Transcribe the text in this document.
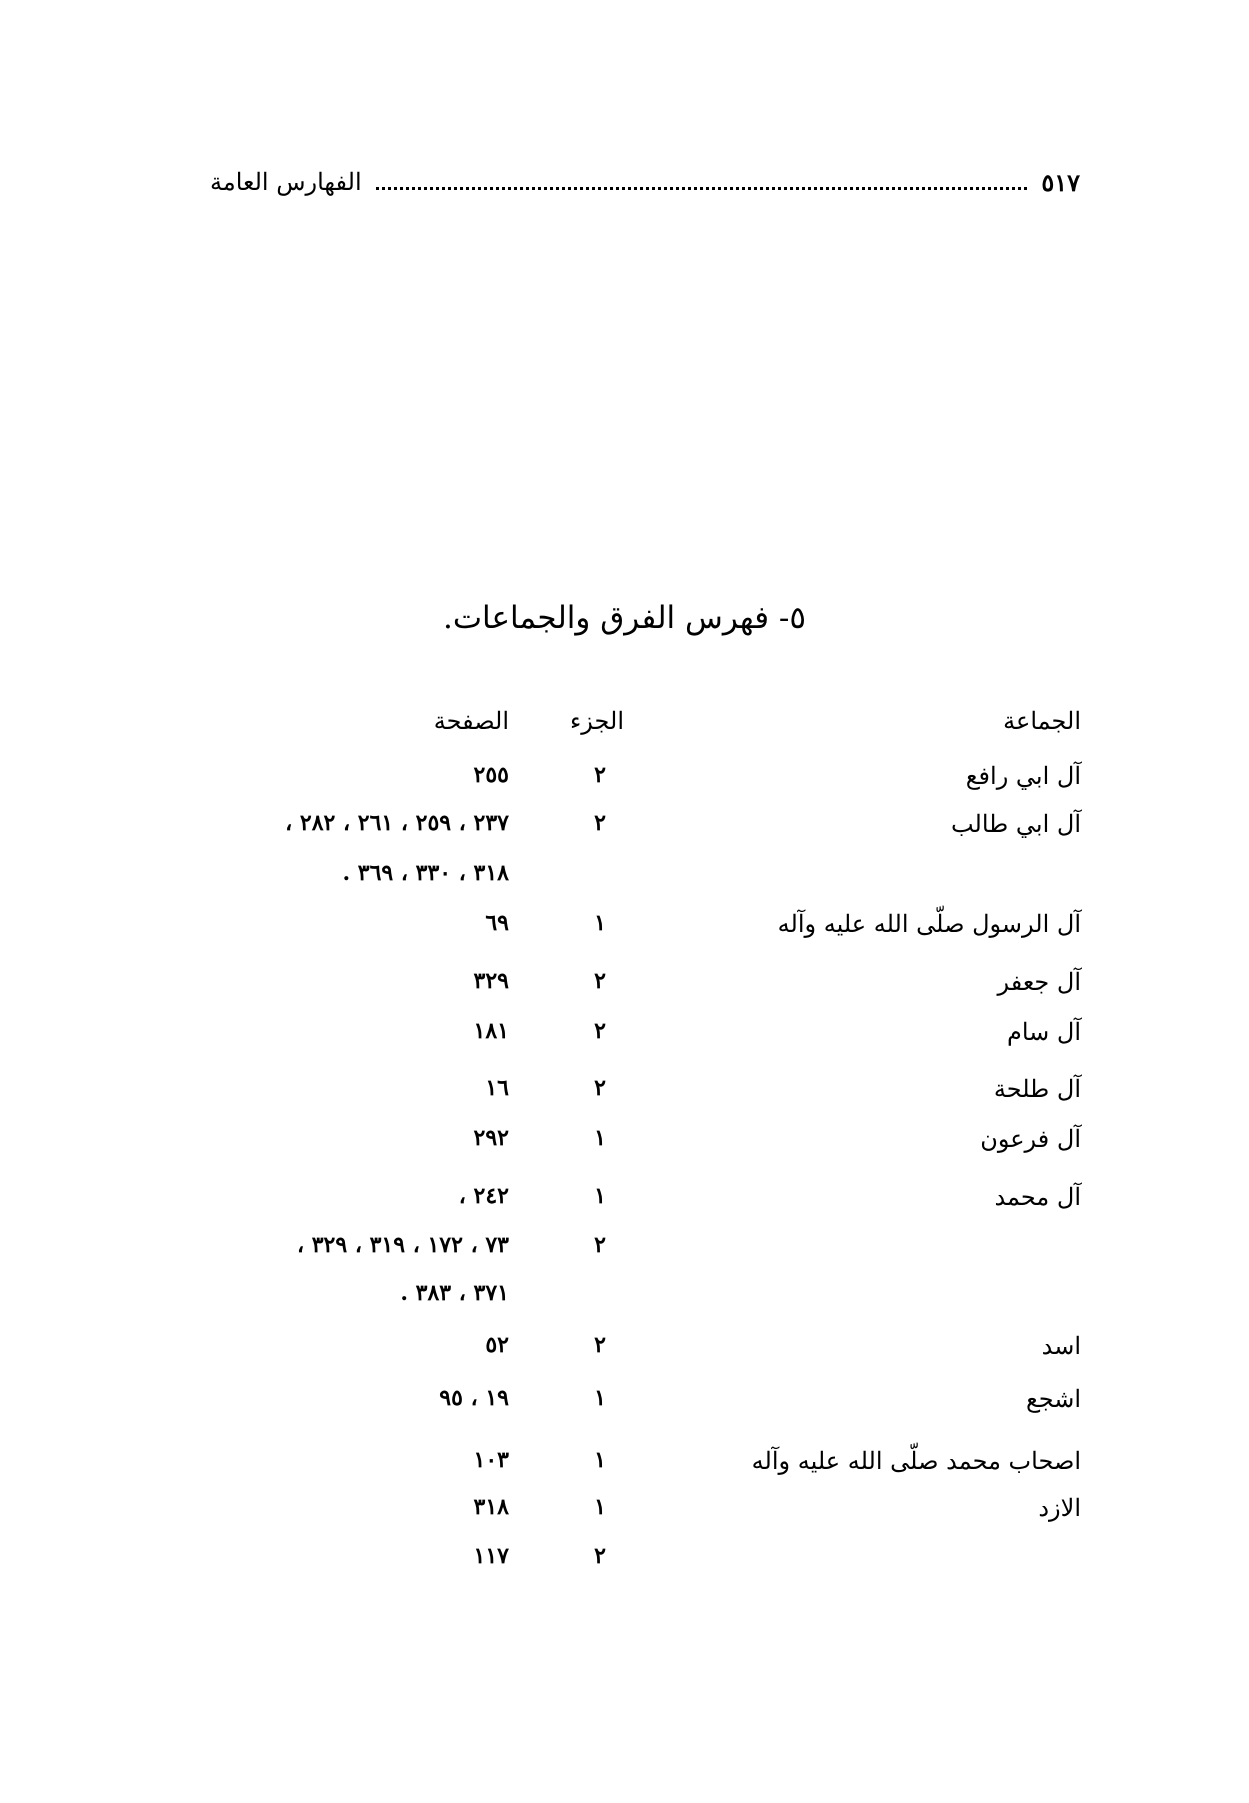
الفهارس العامة	٥١٧
٥- فهرس الفرق والجماعات.
الجماعة
الجزء
الصفحة
آل ابي رافع
٢
٢٥٥
آل ابي طالب
٢
٢٣٧ ، ٢٥٩ ، ٢٦١ ، ٢٨٢ ،
٣١٨ ، ٣٣٠ ، ٣٦٩ .
آل الرسول صلّى الله عليه وآله
١
٦٩
آل جعفر
٢
٣٢٩
آل سام
٢
١٨١
آل طلحة
٢
١٦
آل فرعون
١
٢٩٢
آل محمد
١
٢٤٢ ،
٢
٧٣ ، ١٧٢ ، ٣١٩ ، ٣٢٩ ،
٣٧١ ، ٣٨٣ .
اسد
٢
٥٢
اشجع
١
١٩ ، ٩٥
اصحاب محمد صلّى الله عليه وآله
١
١٠٣
الازد
١
٣١٨
٢
١١٧
